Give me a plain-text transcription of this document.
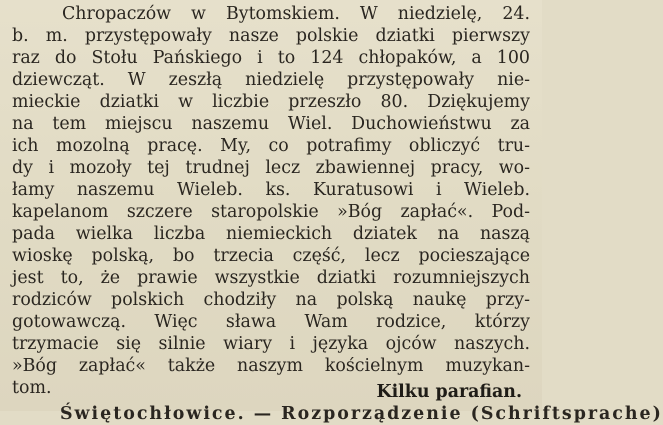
Chropaczów w Bytomskiem. W niedzielę, 24.
b. m. przystępowały nasze polskie dziatki pierwszy
raz do Stołu Pańskiego i to 124 chłopaków, a 100
dziewcząt. W zeszłą niedzielę przystępowały nie-
mieckie dziatki w liczbie przeszło 80. Dziękujemy
na tem miejscu naszemu Wiel. Duchowieństwu za
ich mozolną pracę. My, co potrafimy obliczyć tru-
dy i mozoły tej trudnej lecz zbawiennej pracy, wo-
łamy naszemu Wieleb. ks. Kuratusowi i Wieleb.
kapelanom szczere staropolskie »Bóg zapłać«. Pod-
pada wielka liczba niemieckich dziatek na naszą
wioskę polską, bo trzecia część, lecz pocieszające
jest to, że prawie wszystkie dziatki rozumniejszych
rodziców polskich chodziły na polską naukę przy-
gotowawczą. Więc sława Wam rodzice, którzy
trzymacie się silnie wiary i języka ojców naszych.
»Bóg zapłać« także naszym kościelnym muzykan-
tom.	Kilku parafian.
Świętochłowice. — Rozporządzenie (Schriftsprache)
